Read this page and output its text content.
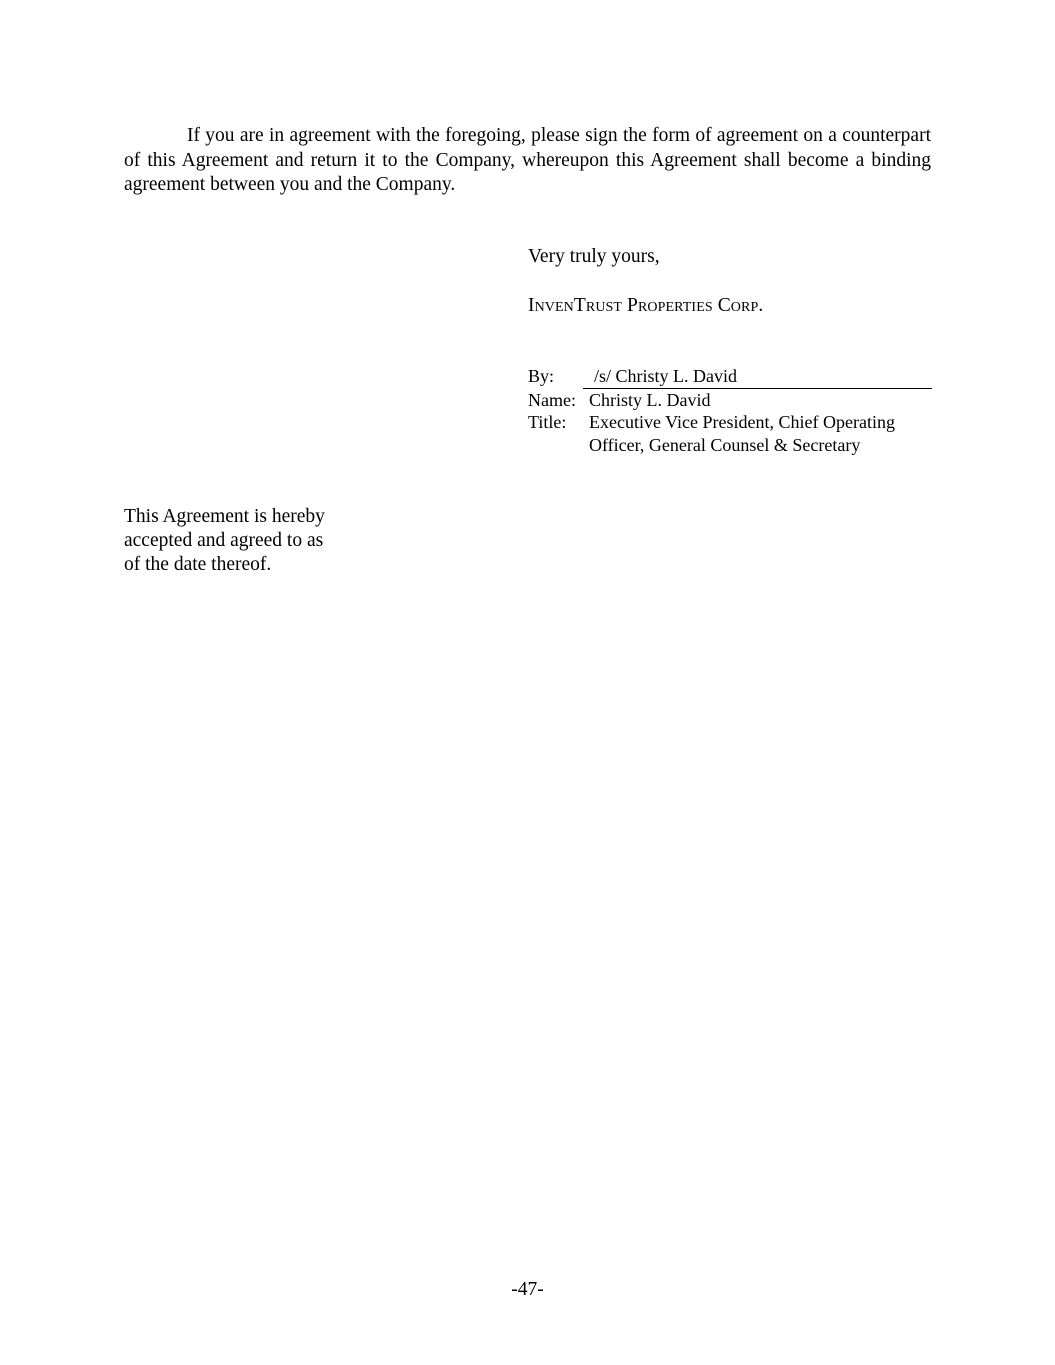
If you are in agreement with the foregoing, please sign the form of agreement on a counterpart of this Agreement and return it to the Company, whereupon this Agreement shall become a binding agreement between you and the Company.

Very truly yours,

InvenTrust Properties Corp.

By:	/s/ Christy L. David
Name: Christy L. David
Title:	Executive Vice President, Chief Operating Officer, General Counsel & Secretary
This Agreement is hereby
accepted and agreed to as
of the date thereof.

-47-
